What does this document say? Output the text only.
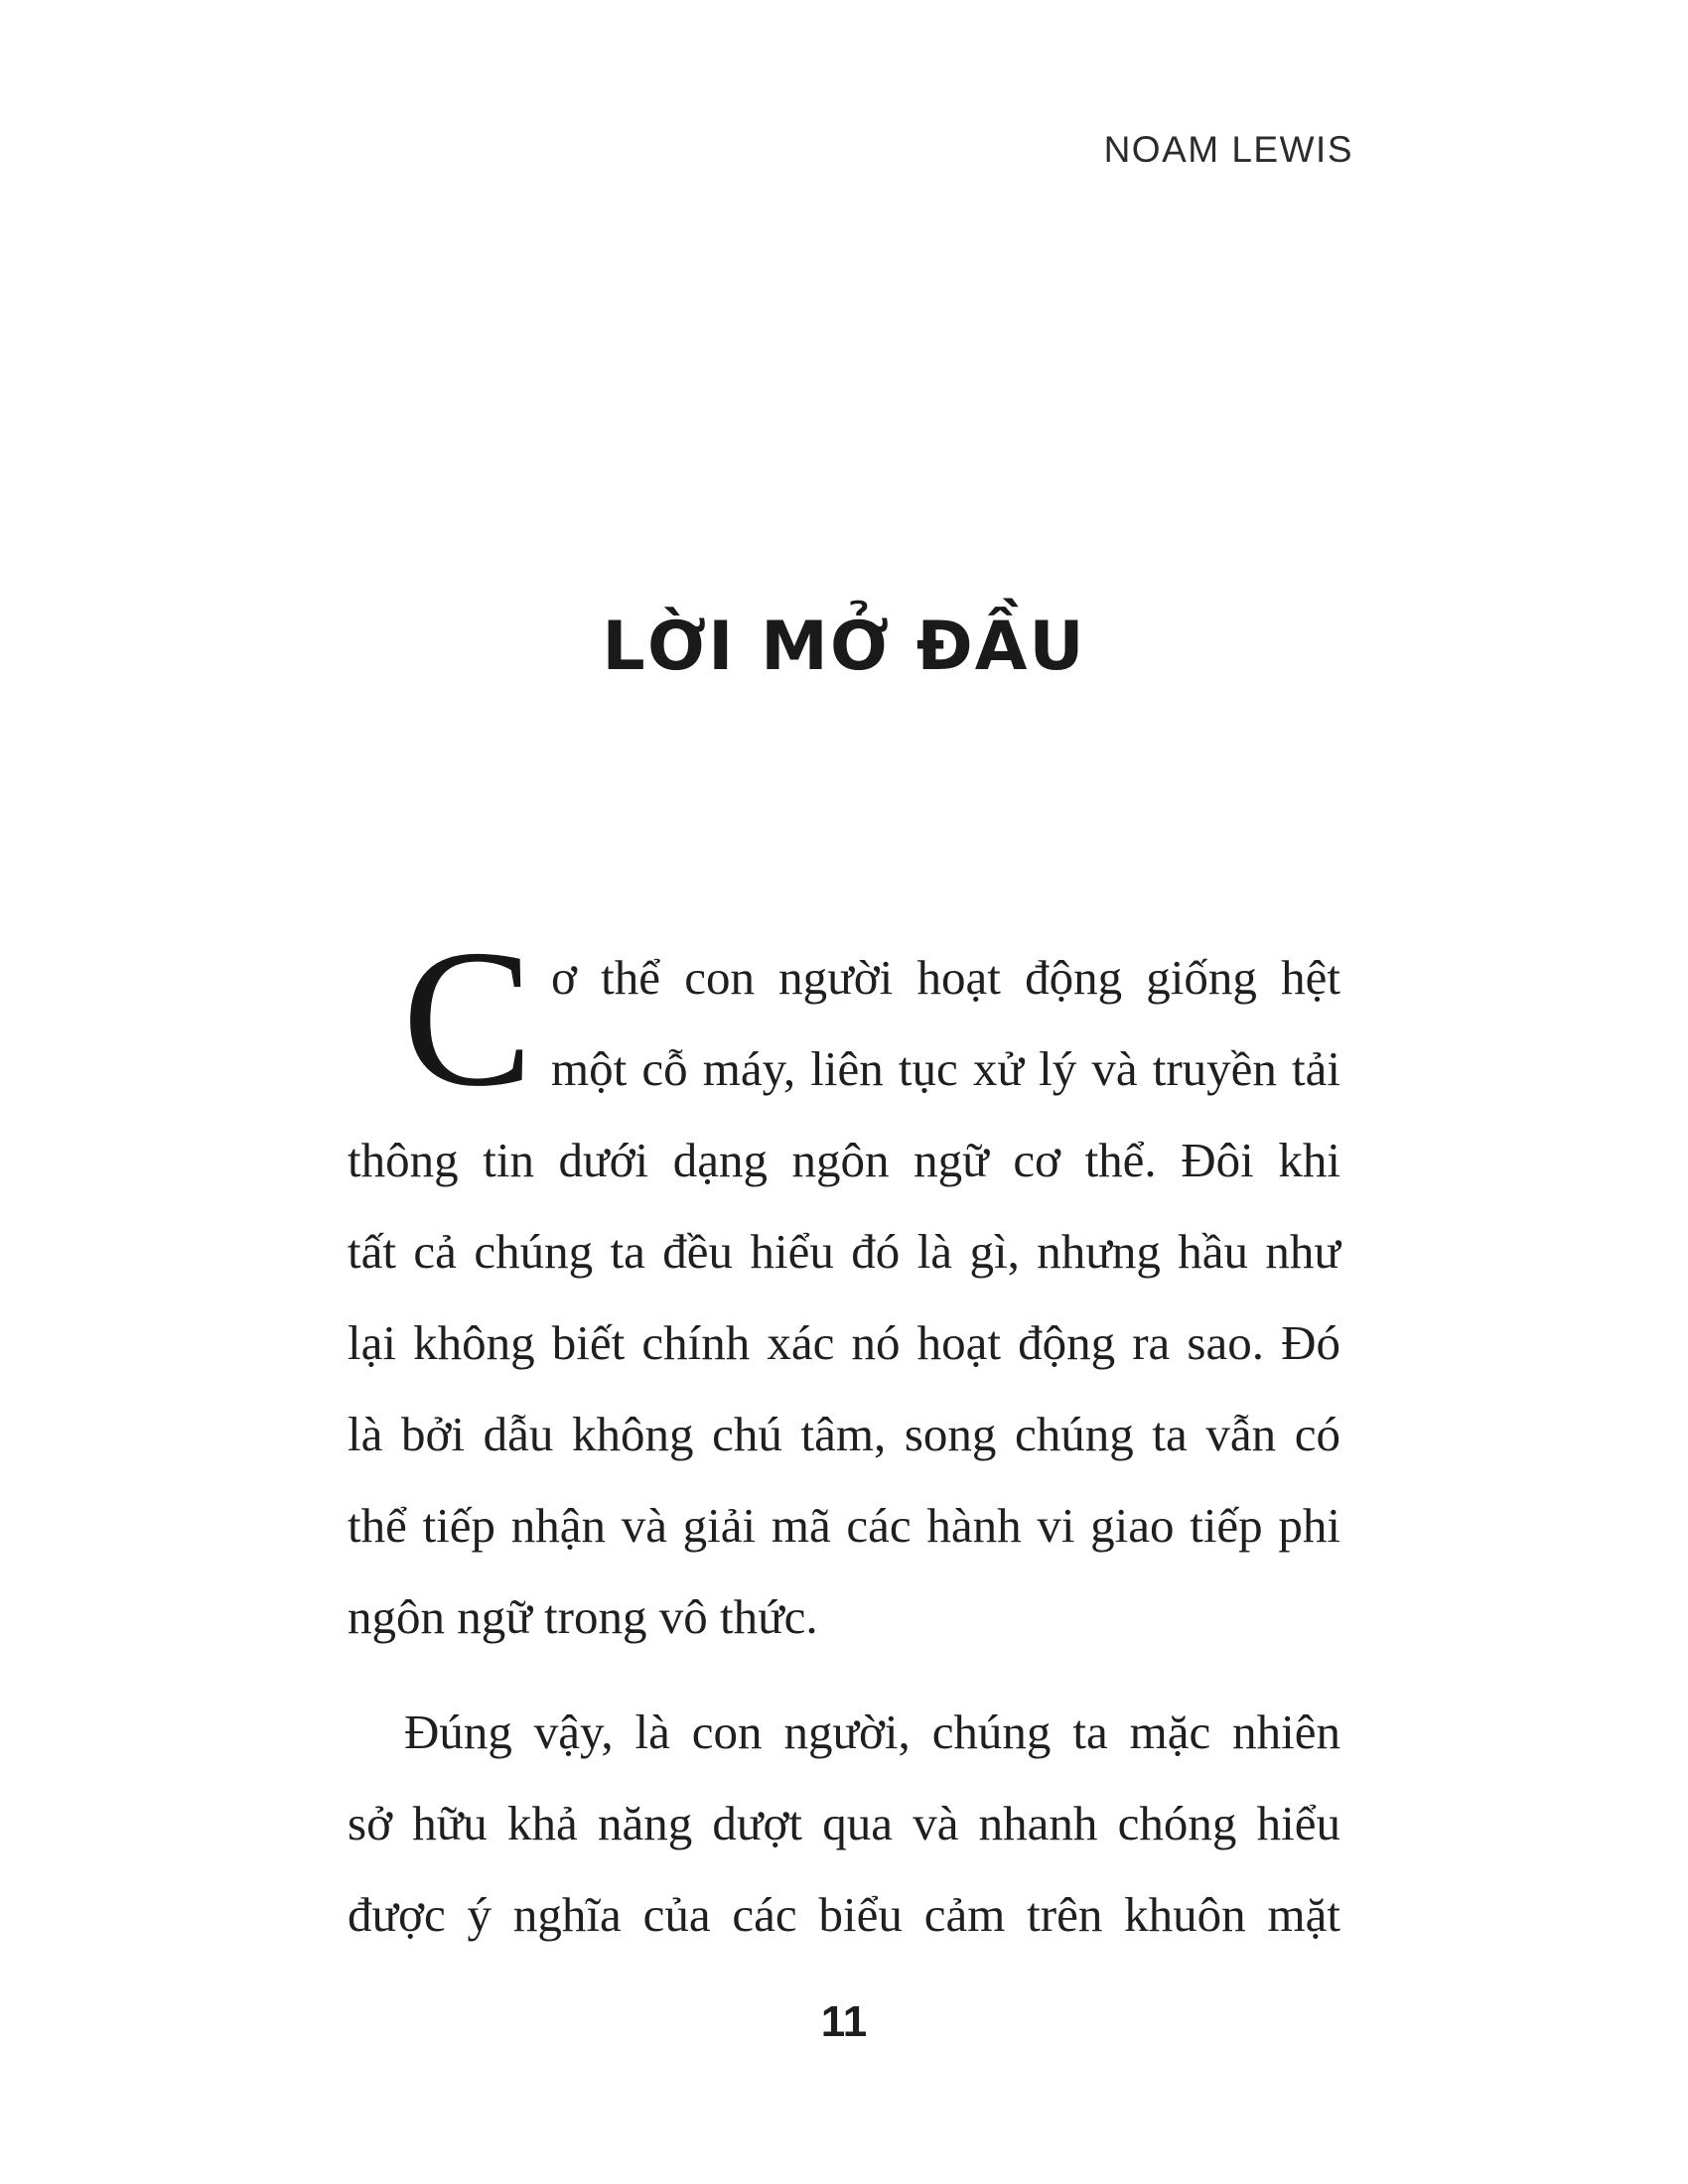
NOAM LEWIS
LỜI MỞ ĐẦU
C ơ thể con người hoạt động giống hệt
một cỗ máy, liên tục xử lý và truyền tải
thông tin dưới dạng ngôn ngữ cơ thể. Đôi khi
tất cả chúng ta đều hiểu đó là gì, nhưng hầu như
lại không biết chính xác nó hoạt động ra sao. Đó
là bởi dẫu không chú tâm, song chúng ta vẫn có
thể tiếp nhận và giải mã các hành vi giao tiếp phi
ngôn ngữ trong vô thức.
Đúng vậy, là con người, chúng ta mặc nhiên
sở hữu khả năng dượt qua và nhanh chóng hiểu
được ý nghĩa của các biểu cảm trên khuôn mặt
11
